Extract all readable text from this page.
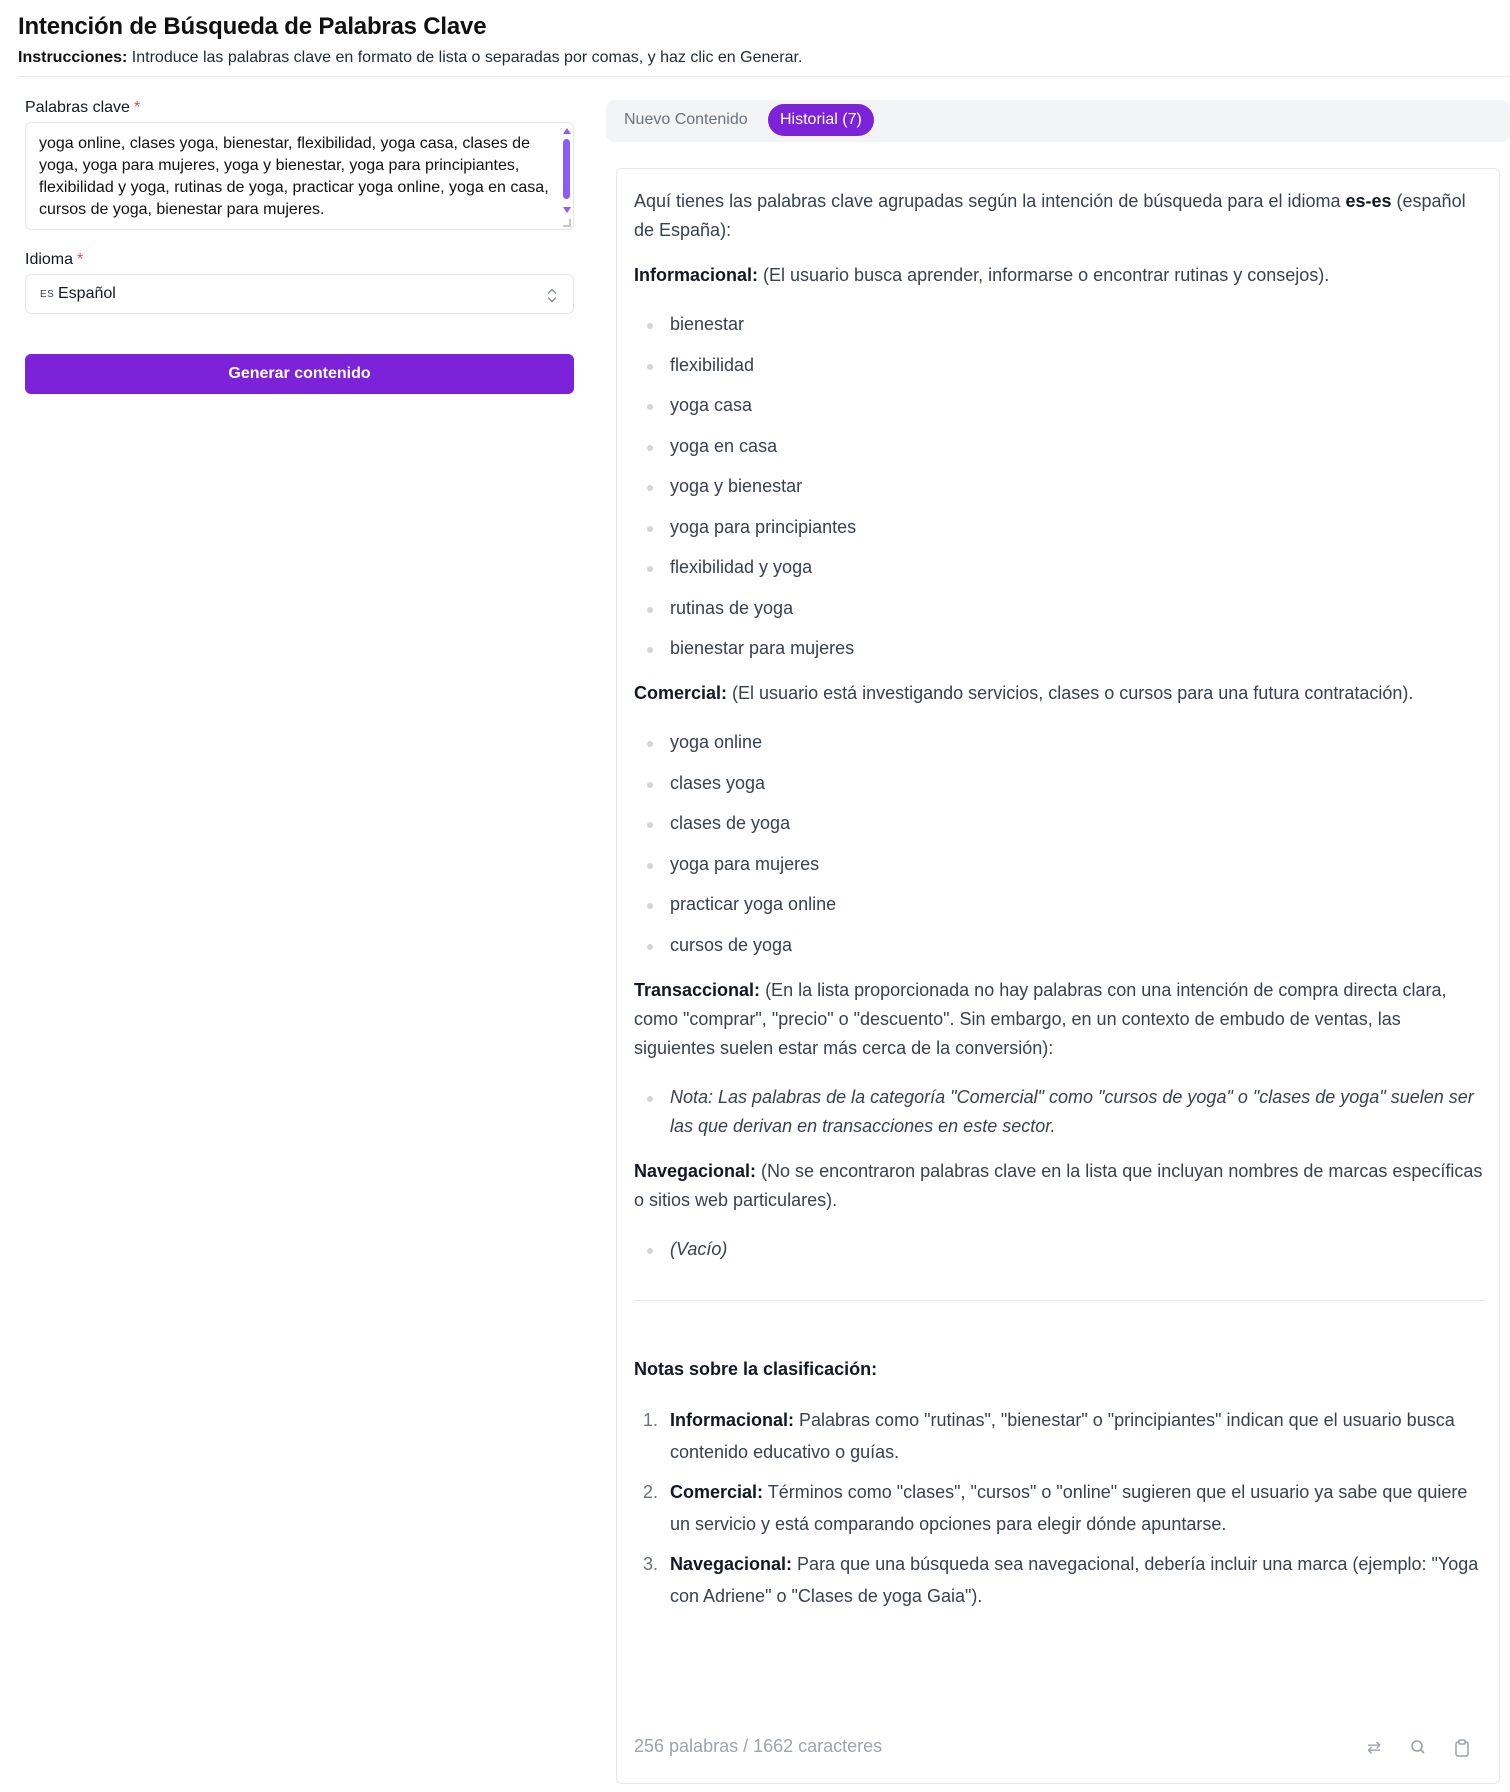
Intención de Búsqueda de Palabras Clave
Instrucciones: Introduce las palabras clave en formato de lista o separadas por comas, y haz clic en Generar.
Palabras clave *
yoga online, clases yoga, bienestar, flexibilidad, yoga casa, clases de yoga, yoga para mujeres, yoga y bienestar, yoga para principiantes, flexibilidad y yoga, rutinas de yoga, practicar yoga online, yoga en casa, cursos de yoga, bienestar para mujeres.
Idioma *
ES Español
Generar contenido
Nuevo Contenido	Historial (7)

Aquí tienes las palabras clave agrupadas según la intención de búsqueda para el idioma es-es (español de España):

Informacional: (El usuario busca aprender, informarse o encontrar rutinas y consejos).

bienestar
flexibilidad
yoga casa
yoga en casa
yoga y bienestar
yoga para principiantes
flexibilidad y yoga
rutinas de yoga
bienestar para mujeres

Comercial: (El usuario está investigando servicios, clases o cursos para una futura contratación).

yoga online
clases yoga
clases de yoga
yoga para mujeres
practicar yoga online
cursos de yoga

Transaccional: (En la lista proporcionada no hay palabras con una intención de compra directa clara, como "comprar", "precio" o "descuento". Sin embargo, en un contexto de embudo de ventas, las siguientes suelen estar más cerca de la conversión):

Nota: Las palabras de la categoría "Comercial" como "cursos de yoga" o "clases de yoga" suelen ser las que derivan en transacciones en este sector.

Navegacional: (No se encontraron palabras clave en la lista que incluyan nombres de marcas específicas o sitios web particulares).

(Vacío)

Notas sobre la clasificación:

1. Informacional: Palabras como "rutinas", "bienestar" o "principiantes" indican que el usuario busca contenido educativo o guías.
2. Comercial: Términos como "clases", "cursos" o "online" sugieren que el usuario ya sabe que quiere un servicio y está comparando opciones para elegir dónde apuntarse.
3. Navegacional: Para que una búsqueda sea navegacional, debería incluir una marca (ejemplo: "Yoga con Adriene" o "Clases de yoga Gaia").
256 palabras / 1662 caracteres	⇄
